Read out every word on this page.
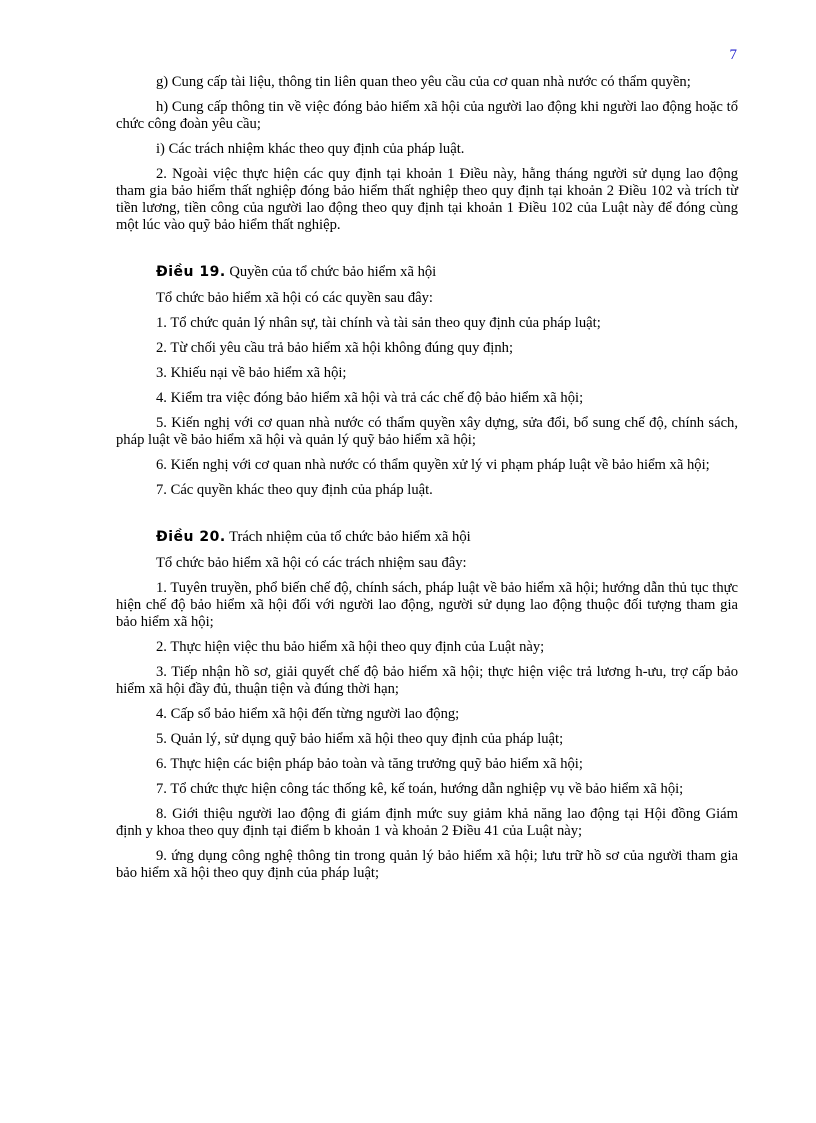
7

g) Cung cấp tài liệu, thông tin liên quan theo yêu cầu của cơ quan nhà nước có thẩm quyền;

h) Cung cấp thông tin về việc đóng bảo hiểm xã hội của người lao động khi người lao động hoặc tổ chức công đoàn yêu cầu;

i) Các trách nhiệm khác theo quy định của pháp luật.

2. Ngoài việc thực hiện các quy định tại khoản 1 Điều này, hằng tháng người sử dụng lao động tham gia bảo hiểm thất nghiệp đóng bảo hiểm thất nghiệp theo quy định tại khoản 2 Điều 102 và trích từ tiền lương, tiền công của người lao động theo quy định tại khoản 1 Điều 102 của Luật này để đóng cùng một lúc vào quỹ bảo hiểm thất nghiệp.

Điều 19. Quyền của tổ chức bảo hiểm xã hội

Tổ chức bảo hiểm xã hội có các quyền sau đây:

1. Tổ chức quản lý nhân sự, tài chính và tài sản theo quy định của pháp luật;

2. Từ chối yêu cầu trả bảo hiểm xã hội không đúng quy định;

3. Khiếu nại về bảo hiểm xã hội;

4. Kiểm tra việc đóng bảo hiểm xã hội và trả các chế độ bảo hiểm xã hội;

5. Kiến nghị với cơ quan nhà nước có thẩm quyền xây dựng, sửa đổi, bổ sung chế độ, chính sách, pháp luật về bảo hiểm xã hội và quản lý quỹ bảo hiểm xã hội;

6. Kiến nghị với cơ quan nhà nước có thẩm quyền xử lý vi phạm pháp luật về bảo hiểm xã hội;

7. Các quyền khác theo quy định của pháp luật.

Điều 20. Trách nhiệm của tổ chức bảo hiểm xã hội

Tổ chức bảo hiểm xã hội có các trách nhiệm sau đây:

1. Tuyên truyền, phổ biến chế độ, chính sách, pháp luật về bảo hiểm xã hội; hướng dẫn thủ tục thực hiện chế độ bảo hiểm xã hội đối với người lao động, người sử dụng lao động thuộc đối tượng tham gia bảo hiểm xã hội;

2. Thực hiện việc thu bảo hiểm xã hội theo quy định của Luật này;

3. Tiếp nhận hồ sơ, giải quyết chế độ bảo hiểm xã hội; thực hiện việc trả lương h-ưu, trợ cấp bảo hiểm xã hội đầy đủ, thuận tiện và đúng thời hạn;

4. Cấp sổ bảo hiểm xã hội đến từng người lao động;

5. Quản lý, sử dụng quỹ bảo hiểm xã hội theo quy định của pháp luật;

6. Thực hiện các biện pháp bảo toàn và tăng trưởng quỹ bảo hiểm xã hội;

7. Tổ chức thực hiện công tác thống kê, kế toán, hướng dẫn nghiệp vụ về bảo hiểm xã hội;

8. Giới thiệu người lao động đi giám định mức suy giảm khả năng lao động tại Hội đồng Giám định y khoa theo quy định tại điểm b khoản 1 và khoản 2 Điều 41 của Luật này;

9. ứng dụng công nghệ thông tin trong quản lý bảo hiểm xã hội; lưu trữ hồ sơ của người tham gia bảo hiểm xã hội theo quy định của pháp luật;
